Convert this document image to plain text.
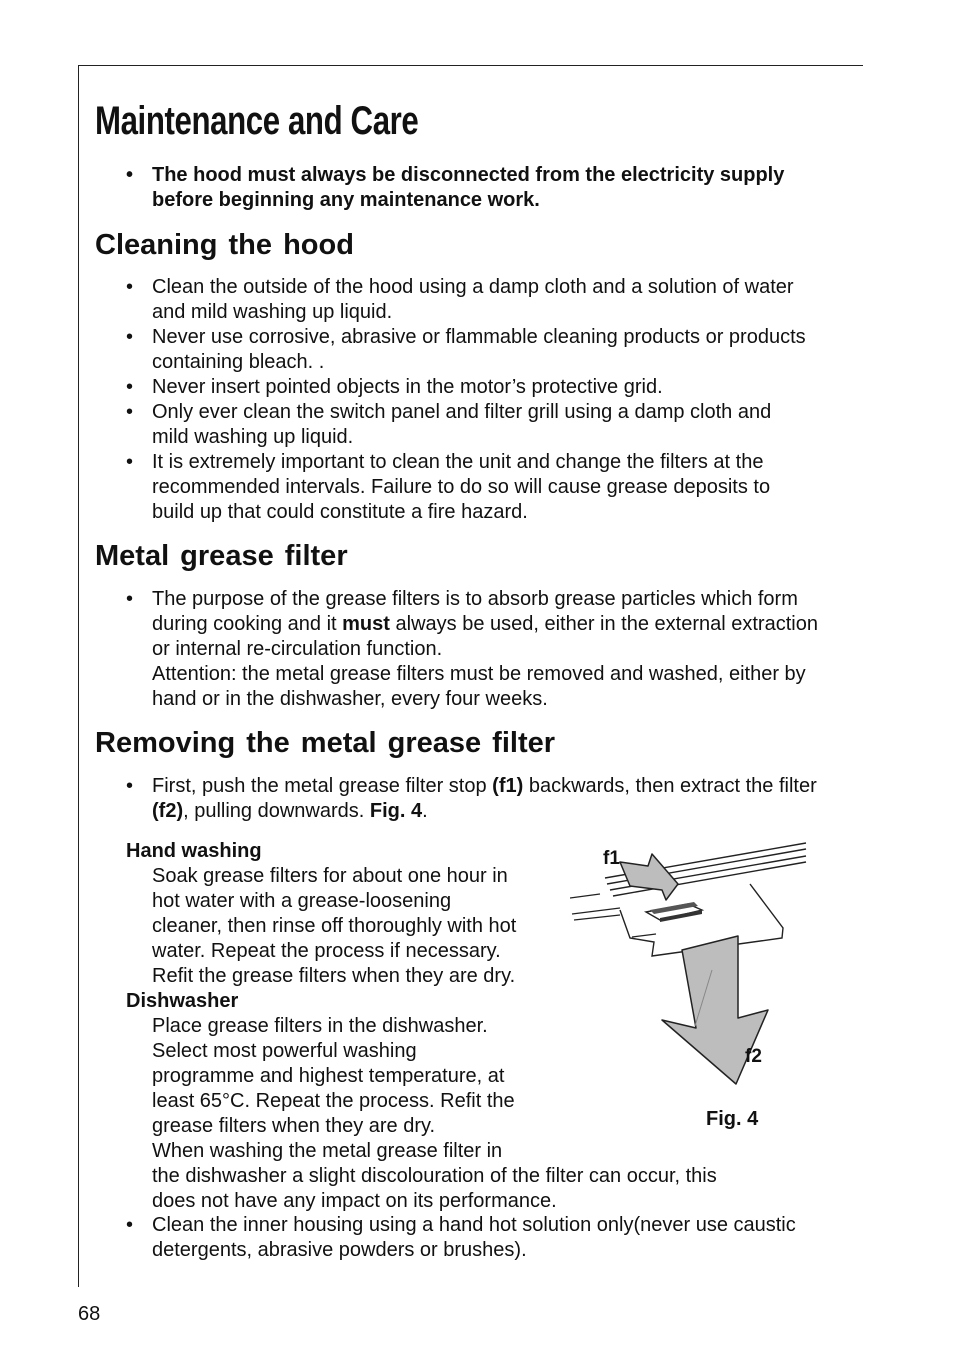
Maintenance and Care
• The hood must always be disconnected from the electricity supply before beginning any maintenance work.
Cleaning the hood
• Clean the outside of the hood using a damp cloth and a solution of water and mild washing up liquid.
• Never use corrosive, abrasive or flammable cleaning products or products containing bleach. .
• Never insert pointed objects in the motor’s protective grid.
• Only ever clean the switch panel and filter grill using a damp cloth and mild washing up liquid.
• It is extremely important to clean the unit and change the filters at the recommended intervals. Failure to do so will cause grease deposits to build up that could constitute a fire hazard.
Metal grease filter
• The purpose of the grease filters is to absorb grease particles which form during cooking and it must always be used, either in the external extraction or internal re-circulation function.
Attention: the metal grease filters must be removed and washed, either by hand or in the dishwasher, every four weeks.
Removing the metal grease filter
• First, push the metal grease filter stop (f1) backwards, then extract the filter (f2), pulling downwards. Fig. 4.
Hand washing
Soak grease filters for about one hour in
hot water with a grease-loosening
cleaner, then rinse off thoroughly with hot
water. Repeat the process if necessary.
Refit the grease filters when they are dry.
Dishwasher
Place grease filters in the dishwasher.
Select most powerful washing
programme and highest temperature, at
least 65°C. Repeat the process. Refit the
grease filters when they are dry.
When washing the metal grease filter in
the dishwasher a slight discolouration of the filter can occur, this
does not have any impact on its performance.
• Clean the inner housing using a hand hot solution only(never use caustic detergents, abrasive powders or brushes).
f1
f2
Fig. 4
68
